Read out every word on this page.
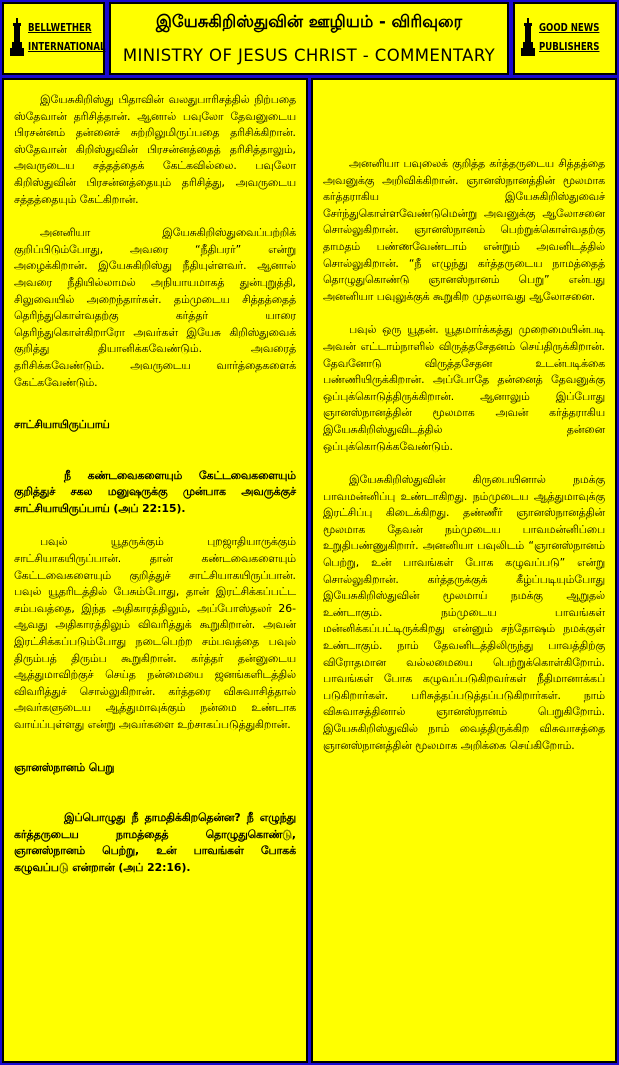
BELLWETHER
INTERNATIONAL
இயேசுகிறிஸ்துவின் ஊழியம் - விரிவுரை
MINISTRY OF JESUS CHRIST - COMMENTARY
GOOD NEWS
PUBLISHERS

இயேசுகிறிஸ்து பிதாவின் வலதுபாரிசத்தில் நிற்பதை ஸ்தேவான் தரிசித்தான். ஆனால் பவுலோ தேவனுடைய பிரசன்னம் தன்னைச் சுற்றிலுமிருப்பதை தரிசிக்கிறான். ஸ்தேவான் கிறிஸ்துவின் பிரசன்னத்தைத் தரிசித்தாலும், அவருடைய சத்தத்தைக் கேட்கவில்லை. பவுலோ கிறிஸ்துவின் பிரசன்னத்தையும் தரிசித்து, அவருடைய சத்தத்தையும் கேட்கிறான்.

அனனியா இயேசுகிறிஸ்துவைப்பற்றிக் குறிப்பிடும்போது, அவரை “நீதிபரர்” என்று அழைக்கிறான். இயேசுகிறிஸ்து நீதியுள்ளவர். ஆனால் அவரை நீதியில்லாமல் அநியாயமாகத் துன்புறுத்தி, சிலுவையில் அறைந்தார்கள். தம்முடைய சித்தத்தைத் தெரிந்துகொள்வதற்கு கர்த்தர் யாரை தெரிந்துகொள்கிறாரோ அவர்கள் இயேசு கிறிஸ்துவைக் குறித்து தியானிக்கவேண்டும். அவரைத் தரிசிக்கவேண்டும். அவருடைய வார்த்தைகளைக் கேட்கவேண்டும்.

சாட்சியாயிருப்பாய்

நீ கண்டவைகளையும் கேட்டவைகளையும் குறித்துச் சகல மனுஷருக்கு முன்பாக அவருக்குச் சாட்சியாயிருப்பாய் (அப் 22:15).

பவுல் யூதருக்கும் புறஜாதியாருக்கும் சாட்சியாகயிருப்பான். தான் கண்டவைகளையும் கேட்டவைகளையும் குறித்துச் சாட்சியாகயிருப்பான். பவுல் யூதரிடத்தில் பேசும்போது, தான் இரட்சிக்கப்பட்ட சம்பவத்தை, இந்த அதிகாரத்திலும், அப்போஸ்தலர் 26-ஆவது அதிகாரத்திலும் விவரித்துக் கூறுகிறான். அவன் இரட்சிக்கப்படும்போது நடைபெற்ற சம்பவத்தை பவுல் திரும்பத் திரும்ப கூறுகிறான். கர்த்தர் தன்னுடைய ஆத்துமாவிற்குச் செய்த நன்மையை ஜனங்களிடத்தில் விவரித்துச் சொல்லுகிறான். கர்த்தரை விசுவாசித்தால் அவர்களுடைய ஆத்துமாவுக்கும் நன்மை உண்டாக வாய்ப்புள்ளது என்று அவர்களை உற்சாகப்படுத்துகிறான்.

ஞானஸ்நானம் பெறு

இப்பொழுது நீ தாமதிக்கிறதென்ன? நீ எழுந்து கர்த்தருடைய நாமத்தைத் தொழுதுகொண்டு, ஞானஸ்நானம் பெற்று, உன் பாவங்கள் போகக் கழுவப்படு என்றான் (அப் 22:16).

அனனியா பவுலைக் குறித்த கர்த்தருடைய சித்தத்தை அவனுக்கு அறிவிக்கிறான். ஞானஸ்நானத்தின் மூலமாக கர்த்தராகிய இயேசுகிறிஸ்துவைச் சேர்ந்துகொள்ளவேண்டுமென்று அவனுக்கு ஆலோசனை சொல்லுகிறான். ஞானஸ்நானம் பெற்றுக்கொள்வதற்கு தாமதம் பண்ணவேண்டாம் என்றும் அவனிடத்தில் சொல்லுகிறான். “நீ எழுந்து கர்த்தருடைய நாமத்தைத் தொழுதுகொண்டு ஞானஸ்நானம் பெறு” என்பது அனனியா பவுலுக்குக் கூறுகிற முதலாவது ஆலோசனை.

பவுல் ஒரு யூதன். யூதமார்க்கத்து முறைமையின்படி அவன் எட்டாம்நாளில் விருத்தசேதனம் செய்திருக்கிறான். தேவனோடு விருத்தசேதன உடன்படிக்கை பண்ணியிருக்கிறான். அப்போதே தன்னைத் தேவனுக்கு ஒப்புக்கொடுத்திருக்கிறான். ஆனாலும் இப்போது ஞானஸ்நானத்தின் மூலமாக அவன் கர்த்தராகிய இயேசுகிறிஸ்துவிடத்தில் தன்னை ஒப்புக்கொடுக்கவேண்டும்.

இயேசுகிறிஸ்துவின் கிருபையினால் நமக்கு பாவமன்னிப்பு உண்டாகிறது. நம்முடைய ஆத்துமாவுக்கு இரட்சிப்பு கிடைக்கிறது. தண்ணீர் ஞானஸ்நானத்தின் மூலமாக தேவன் நம்முடைய பாவமன்னிப்பை உறுதிபண்ணுகிறார். அனனியா பவுலிடம் “ஞானஸ்நானம் பெற்று, உன் பாவங்கள் போக கழுவப்படு” என்று சொல்லுகிறான். கர்த்தருக்குக் கீழ்ப்படியும்போது இயேசுகிறிஸ்துவின் மூலமாய் நமக்கு ஆறுதல் உண்டாகும். நம்முடைய பாவங்கள் மன்னிக்கப்பட்டிருக்கிறது என்னும் சந்தோஷம் நமக்குள் உண்டாகும். நாம் தேவனிடத்திலிருந்து பாவத்திற்கு விரோதமான வல்லமையை பெற்றுக்கொள்கிறோம். பாவங்கள் போக கழுவப்படுகிறவர்கள் நீதிமானாக்கப் படுகிறார்கள். பரிசுத்தப்படுத்தப்படுகிறார்கள். நாம் விசுவாசத்தினால் ஞானஸ்நானம் பெறுகிறோம். இயேசுகிறிஸ்துவில் நாம் வைத்திருக்கிற விசுவாசத்தை ஞானஸ்நானத்தின் மூலமாக அறிக்கை செய்கிறோம்.
